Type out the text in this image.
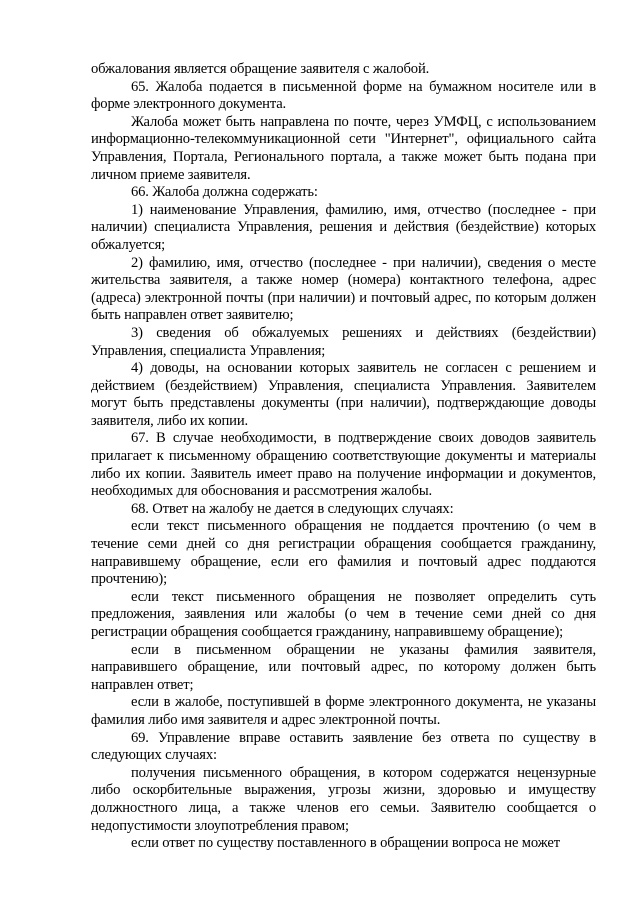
обжалования является обращение заявителя с жалобой.

65. Жалоба подается в письменной форме на бумажном носителе или в форме электронного документа.

Жалоба может быть направлена по почте, через УМФЦ, с использованием информационно-телекоммуникационной сети "Интернет", официального сайта Управления, Портала, Регионального портала, а также может быть подана при личном приеме заявителя.

66. Жалоба должна содержать:

1) наименование Управления, фамилию, имя, отчество (последнее - при наличии) специалиста Управления, решения и действия (бездействие) которых обжалуется;

2) фамилию, имя, отчество (последнее - при наличии), сведения о месте жительства заявителя, а также номер (номера) контактного телефона, адрес (адреса) электронной почты (при наличии) и почтовый адрес, по которым должен быть направлен ответ заявителю;

3) сведения об обжалуемых решениях и действиях (бездействии) Управления, специалиста Управления;

4) доводы, на основании которых заявитель не согласен с решением и действием (бездействием) Управления, специалиста Управления. Заявителем могут быть представлены документы (при наличии), подтверждающие доводы заявителя, либо их копии.

67. В случае необходимости, в подтверждение своих доводов заявитель прилагает к письменному обращению соответствующие документы и материалы либо их копии. Заявитель имеет право на получение информации и документов, необходимых для обоснования и рассмотрения жалобы.

68. Ответ на жалобу не дается в следующих случаях:

если текст письменного обращения не поддается прочтению (о чем в течение семи дней со дня регистрации обращения сообщается гражданину, направившему обращение, если его фамилия и почтовый адрес поддаются прочтению);

если текст письменного обращения не позволяет определить суть предложения, заявления или жалобы (о чем в течение семи дней со дня регистрации обращения сообщается гражданину, направившему обращение);

если в письменном обращении не указаны фамилия заявителя, направившего обращение, или почтовый адрес, по которому должен быть направлен ответ;

если в жалобе, поступившей в форме электронного документа, не указаны фамилия либо имя заявителя и адрес электронной почты.

69. Управление вправе оставить заявление без ответа по существу в следующих случаях:

получения письменного обращения, в котором содержатся нецензурные либо оскорбительные выражения, угрозы жизни, здоровью и имуществу должностного лица, а также членов его семьи. Заявителю сообщается о недопустимости злоупотребления правом;

если ответ по существу поставленного в обращении вопроса не может
